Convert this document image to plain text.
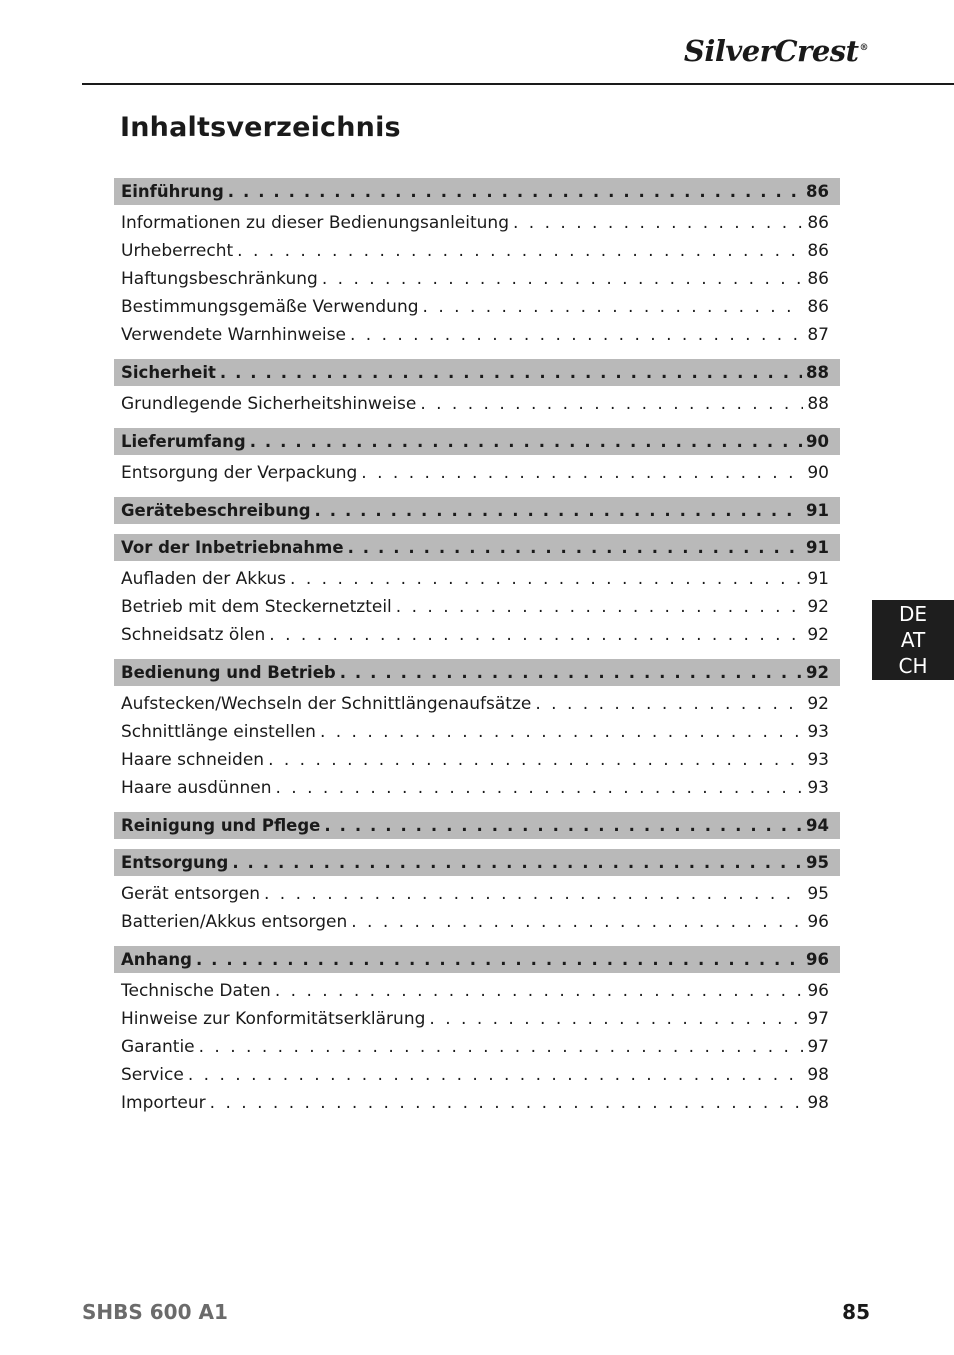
SilverCrest®
Inhaltsverzeichnis
Einführung . . .	86
Informationen zu dieser Bedienungsanleitung . . .	86
Urheberrecht . . .	86
Haftungsbeschränkung . . .	86
Bestimmungsgemäße Verwendung . . .	86
Verwendete Warnhinweise . . .	87
Sicherheit . . .	88
Grundlegende Sicherheitshinweise . . .	88
Lieferumfang . . .	90
Entsorgung der Verpackung . . .	90
Gerätebeschreibung . . .	91
Vor der Inbetriebnahme . . .	91
Aufladen der Akkus . . .	91
Betrieb mit dem Steckernetzteil . . .	92
Schneidsatz ölen . . .	92
Bedienung und Betrieb . . .	92
Aufstecken/Wechseln der Schnittlängenaufsätze . . .	92
Schnittlänge einstellen . . .	93
Haare schneiden . . .	93
Haare ausdünnen . . .	93
Reinigung und Pflege . . .	94
Entsorgung . . .	95
Gerät entsorgen . . .	95
Batterien/Akkus entsorgen . . .	96
Anhang . . .	96
Technische Daten . . .	96
Hinweise zur Konformitätserklärung . . .	97
Garantie . . .	97
Service . . .	98
Importeur . . .	98
DE
AT
CH
SHBS 600 A1	85
